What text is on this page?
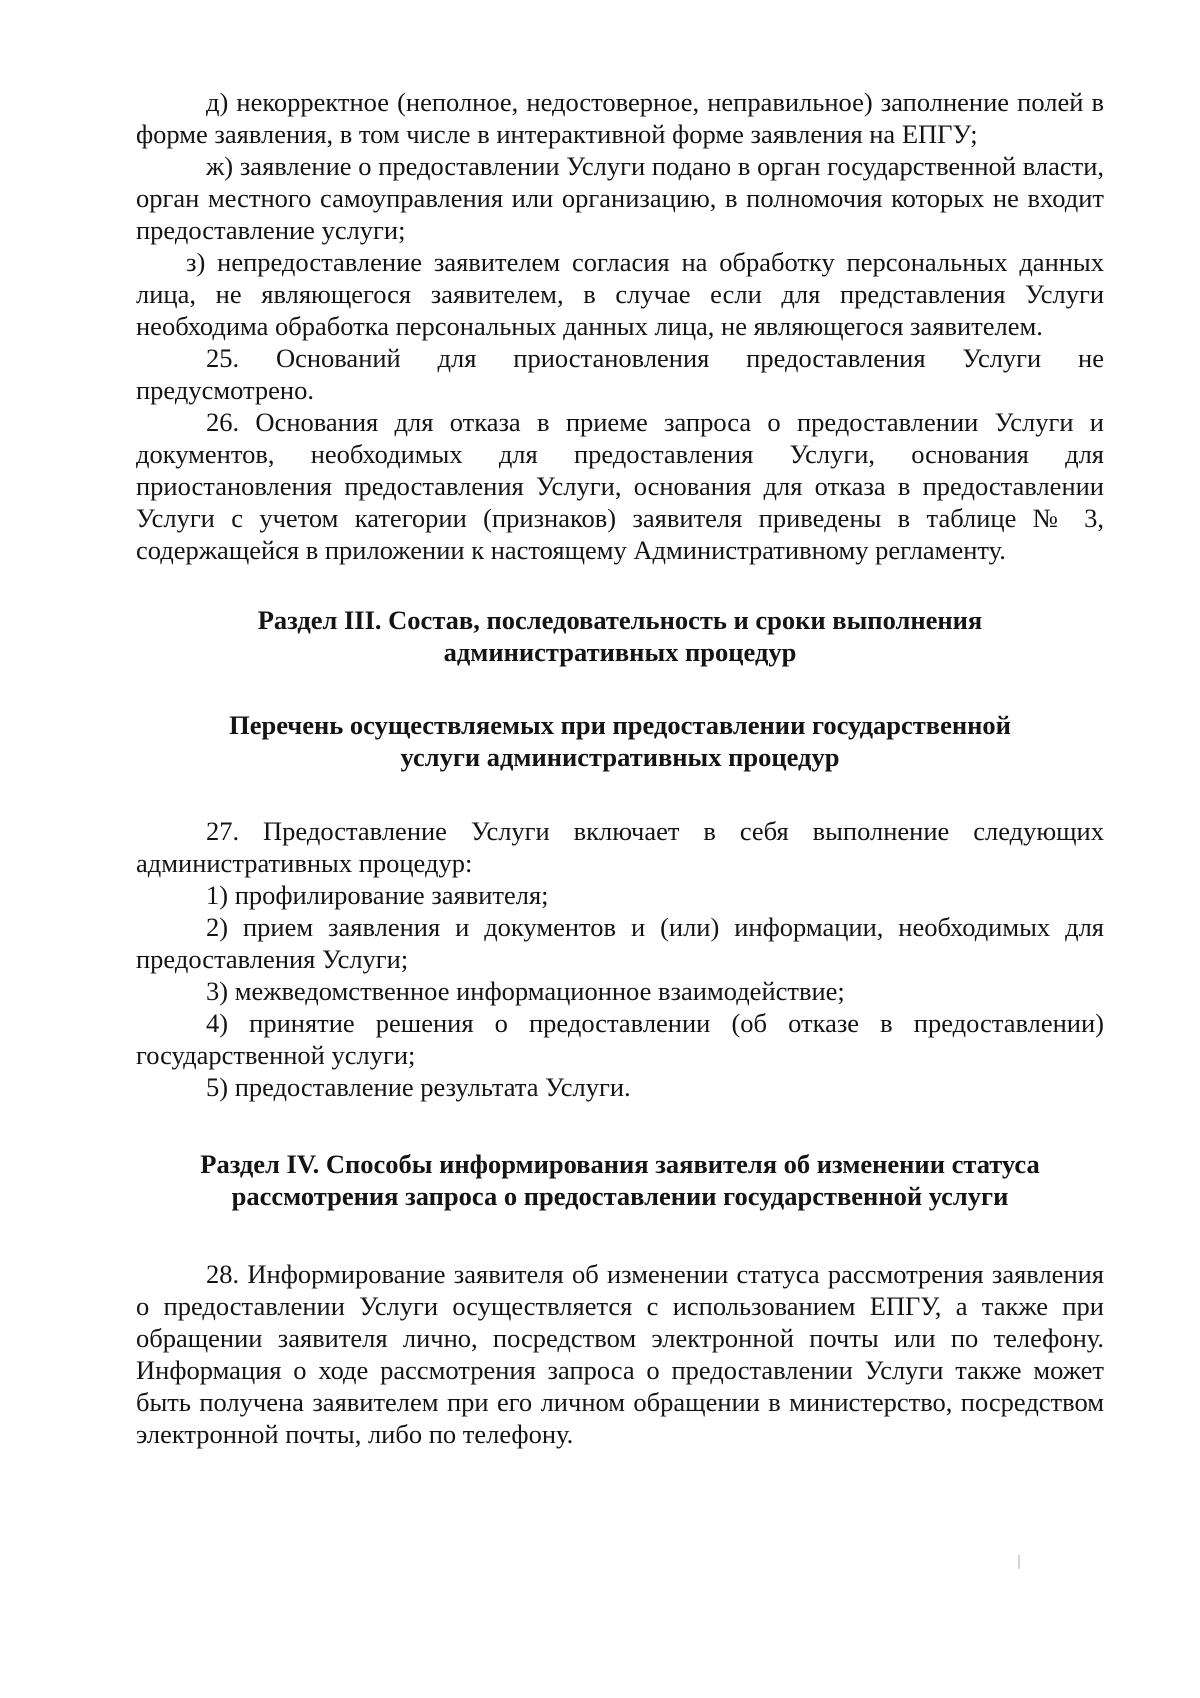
д) некорректное (неполное, недостоверное, неправильное) заполнение полей в форме заявления, в том числе в интерактивной форме заявления на ЕПГУ;

ж) заявление о предоставлении Услуги подано в орган государственной власти, орган местного самоуправления или организацию, в полномочия которых не входит предоставление услуги;

з) непредоставление заявителем согласия на обработку персональных данных лица, не являющегося заявителем, в случае если для представления Услуги необходима обработка персональных данных лица, не являющегося заявителем.

25. Оснований для приостановления предоставления Услуги не предусмотрено.

26. Основания для отказа в приеме запроса о предоставлении Услуги и документов, необходимых для предоставления Услуги, основания для приостановления предоставления Услуги, основания для отказа в предоставлении Услуги с учетом категории (признаков) заявителя приведены в таблице № 3, содержащейся в приложении к настоящему Административному регламенту.

Раздел III. Состав, последовательность и сроки выполнения
административных процедур
Перечень осуществляемых при предоставлении государственной
услуги административных процедур

27. Предоставление Услуги включает в себя выполнение следующих административных процедур:

1) профилирование заявителя;

2) прием заявления и документов и (или) информации, необходимых для предоставления Услуги;

3) межведомственное информационное взаимодействие;

4) принятие решения о предоставлении (об отказе в предоставлении) государственной услуги;

5) предоставление результата Услуги.

Раздел IV. Способы информирования заявителя об изменении статуса
рассмотрения запроса о предоставлении государственной услуги

28. Информирование заявителя об изменении статуса рассмотрения заявления о предоставлении Услуги осуществляется с использованием ЕПГУ, а также при обращении заявителя лично, посредством электронной почты или по телефону. Информация о ходе рассмотрения запроса о предоставлении Услуги также может быть получена заявителем при его личном обращении в министерство, посредством электронной почты, либо по телефону.
